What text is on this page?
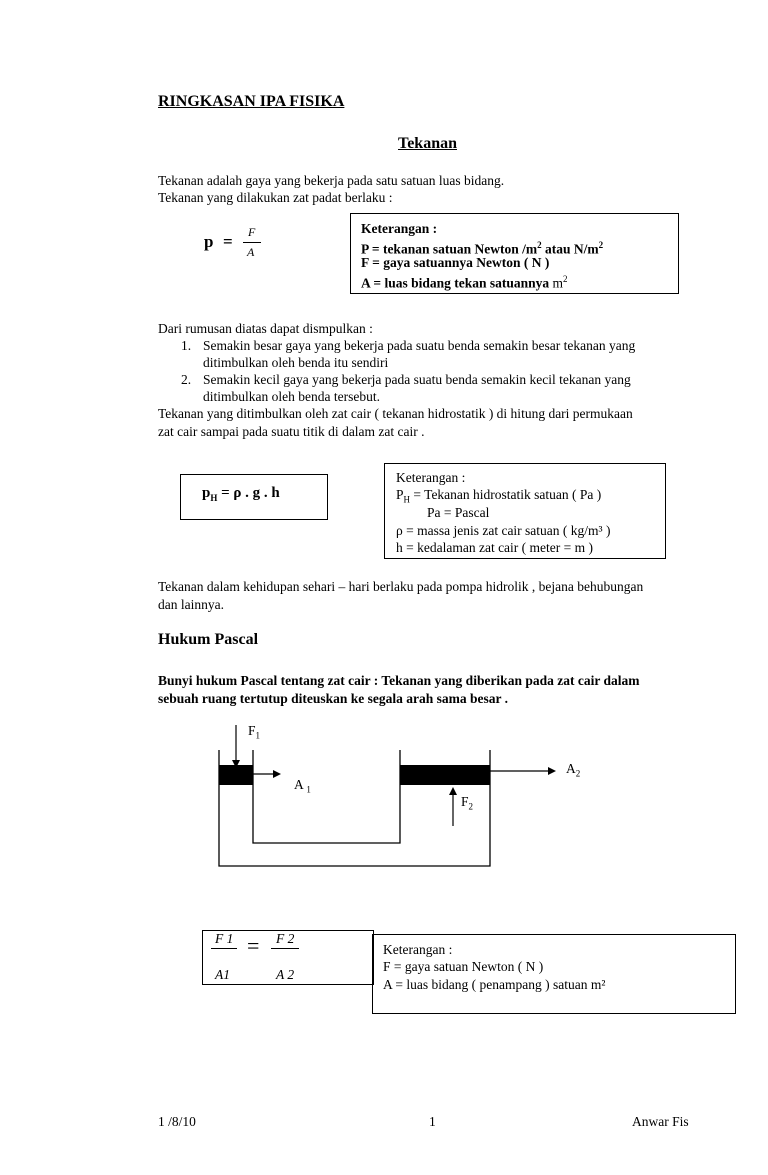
RINGKASAN IPA FISIKA
Tekanan
Tekanan adalah gaya yang bekerja pada satu satuan luas bidang.
Tekanan yang dilakukan zat padat berlaku :
p = F
A
Keterangan :
P = tekanan satuan Newton $/m^2$ atau $N/m^2$
F = gaya satuannya Newton ( N )
A = luas bidang tekan satuannya $m^2$
Dari rumusan diatas dapat dismpulkan :
1. Semakin besar gaya yang bekerja pada suatu benda semakin besar tekanan yang
ditimbulkan oleh benda itu sendiri
2. Semakin kecil gaya yang bekerja pada suatu benda semakin kecil tekanan yang
ditimbulkan oleh benda tersebut.
Tekanan yang ditimbulkan oleh zat cair ( tekanan hidrostatik ) di hitung dari permukaan
zat cair sampai pada suatu titik di dalam zat cair .
$p_H = \rho$ . g . h
Keterangan :
$P_H$ = Tekanan hidrostatik satuan ( Pa )
Pa = Pascal
ρ = massa jenis zat cair satuan ( kg/m³ )
h = kedalaman zat cair ( meter = m )
Tekanan dalam kehidupan sehari – hari berlaku pada pompa hidrolik , bejana behubungan
dan lainnya.
Hukum Pascal
Bunyi hukum Pascal tentang zat cair : Tekanan yang diberikan pada zat cair dalam
sebuah ruang tertutup diteuskan ke segala arah sama besar .
$F_1$
A $_1$
$A_2$
$F_2$
F 1
A1
= F 2
A 2
Keterangan :
F = gaya satuan Newton ( N )
A = luas bidang ( penampang ) satuan m²
1 /8/10	1	Anwar Fis
